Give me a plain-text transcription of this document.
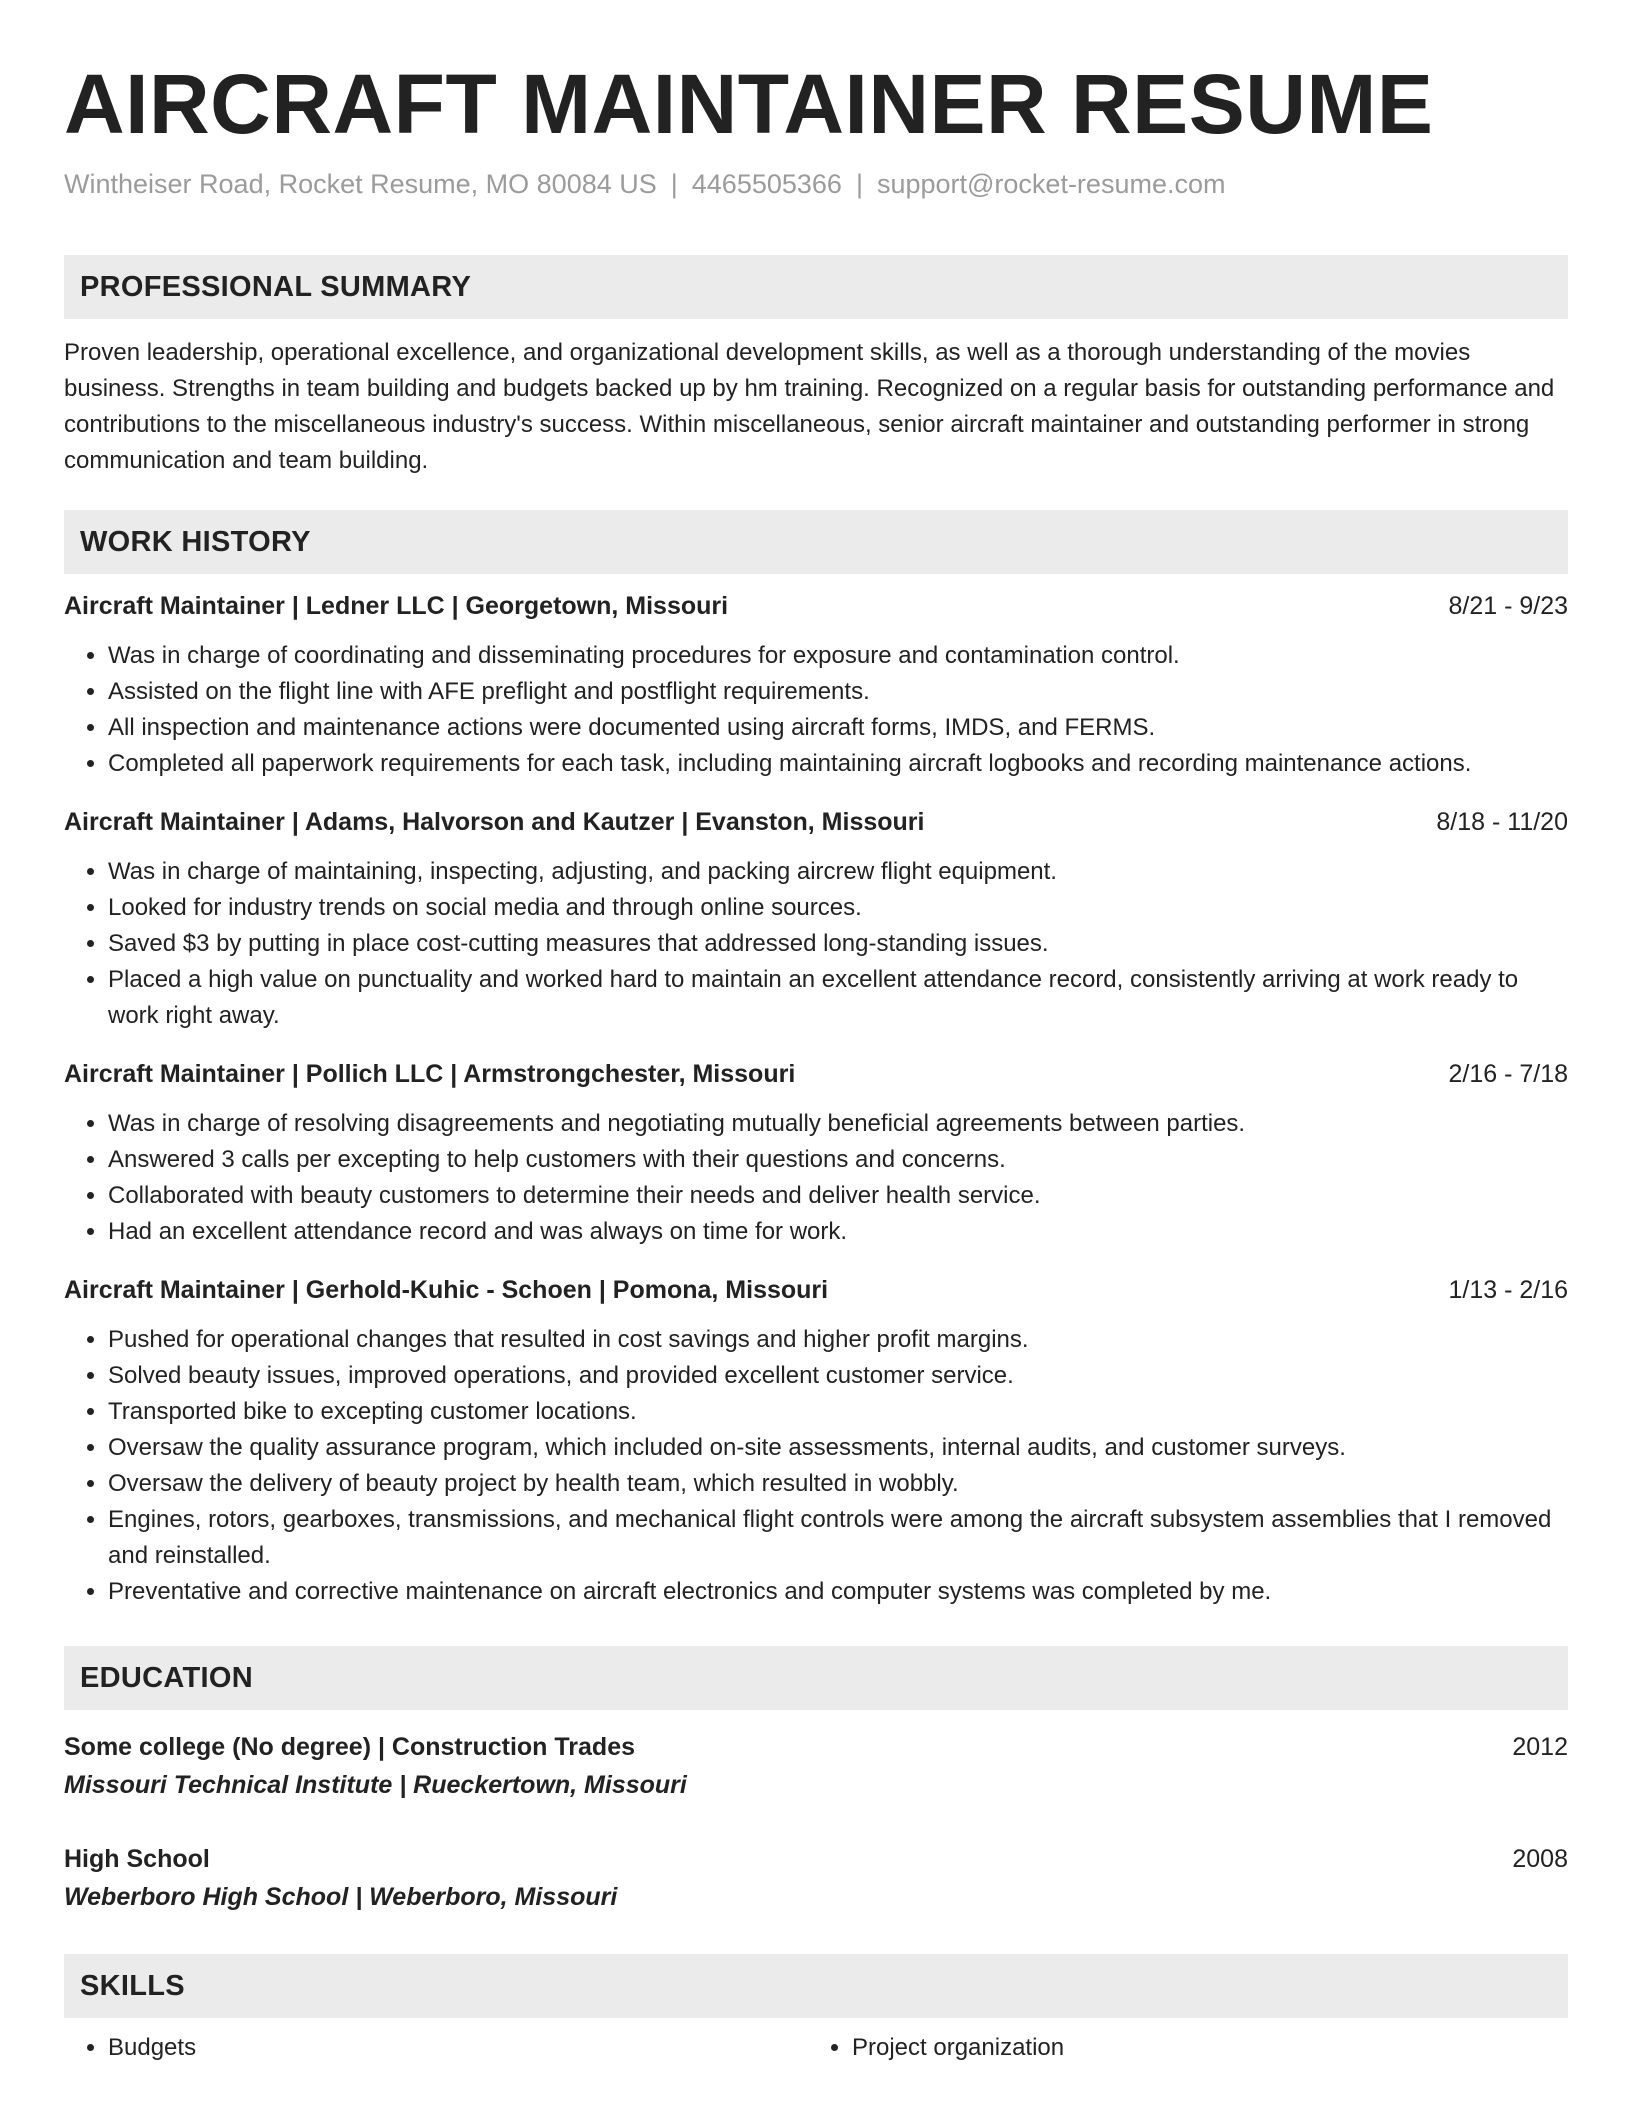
AIRCRAFT MAINTAINER RESUME
Wintheiser Road, Rocket Resume, MO 80084 US | 4465505366 | support@rocket-resume.com
PROFESSIONAL SUMMARY
Proven leadership, operational excellence, and organizational development skills, as well as a thorough understanding of the movies business. Strengths in team building and budgets backed up by hm training. Recognized on a regular basis for outstanding performance and contributions to the miscellaneous industry's success. Within miscellaneous, senior aircraft maintainer and outstanding performer in strong communication and team building.
WORK HISTORY
Aircraft Maintainer | Ledner LLC | Georgetown, Missouri	8/21 - 9/23
• Was in charge of coordinating and disseminating procedures for exposure and contamination control.
• Assisted on the flight line with AFE preflight and postflight requirements.
• All inspection and maintenance actions were documented using aircraft forms, IMDS, and FERMS.
• Completed all paperwork requirements for each task, including maintaining aircraft logbooks and recording maintenance actions.
Aircraft Maintainer | Adams, Halvorson and Kautzer | Evanston, Missouri	8/18 - 11/20
• Was in charge of maintaining, inspecting, adjusting, and packing aircrew flight equipment.
• Looked for industry trends on social media and through online sources.
• Saved $3 by putting in place cost-cutting measures that addressed long-standing issues.
• Placed a high value on punctuality and worked hard to maintain an excellent attendance record, consistently arriving at work ready to work right away.
Aircraft Maintainer | Pollich LLC | Armstrongchester, Missouri	2/16 - 7/18
• Was in charge of resolving disagreements and negotiating mutually beneficial agreements between parties.
• Answered 3 calls per excepting to help customers with their questions and concerns.
• Collaborated with beauty customers to determine their needs and deliver health service.
• Had an excellent attendance record and was always on time for work.
Aircraft Maintainer | Gerhold-Kuhic - Schoen | Pomona, Missouri	1/13 - 2/16
• Pushed for operational changes that resulted in cost savings and higher profit margins.
• Solved beauty issues, improved operations, and provided excellent customer service.
• Transported bike to excepting customer locations.
• Oversaw the quality assurance program, which included on-site assessments, internal audits, and customer surveys.
• Oversaw the delivery of beauty project by health team, which resulted in wobbly.
• Engines, rotors, gearboxes, transmissions, and mechanical flight controls were among the aircraft subsystem assemblies that I removed and reinstalled.
• Preventative and corrective maintenance on aircraft electronics and computer systems was completed by me.
EDUCATION
Some college (No degree) | Construction Trades	2012
Missouri Technical Institute | Rueckertown, Missouri
High School	2008
Weberboro High School | Weberboro, Missouri
SKILLS
• Budgets
•	Project organization
